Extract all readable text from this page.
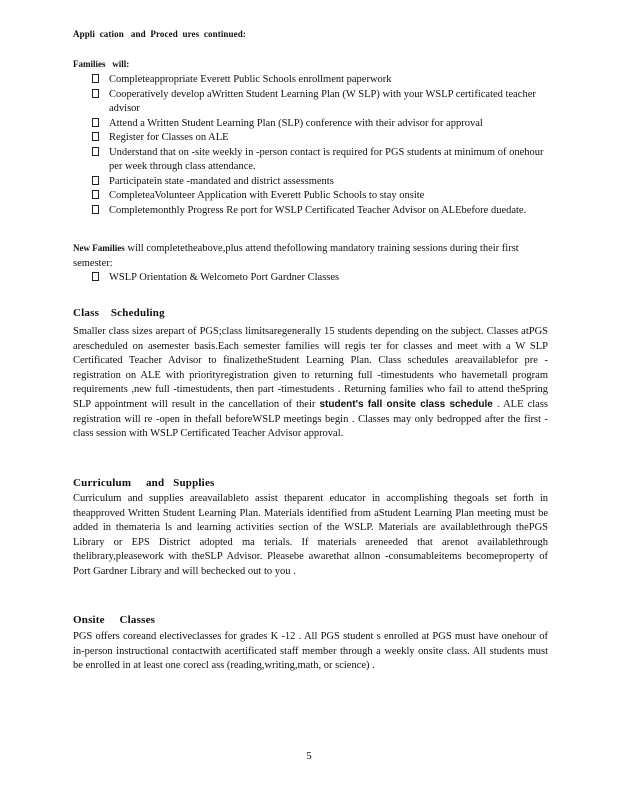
Appli  cation   and  Proced  ures  continued:
Families   will:
Completeappropriate Everett Public Schools enrollment paperwork
Cooperatively develop aWritten Student Learning Plan (W SLP) with your WSLP certificated teacher advisor
Attend a Written Student Learning Plan (SLP) conference with their advisor for approval
Register for Classes on ALE
Understand that on -site weekly in -person contact is required for PGS students at minimum of onehour per week through class attendance.
Participatein state -mandated and district assessments
CompleteaVolunteer Application with Everett Public Schools to stay onsite
Completemonthly Progress Re port for WSLP Certificated Teacher Advisor on ALEbefore duedate.
New Families will completetheabove,plus attend thefollowing mandatory training sessions during their first semester:
WSLP Orientation & Welcometo Port Gardner Classes
Class    Scheduling
Smaller class sizes arepart of PGS;class limitsaregenerally 15 students depending on the subject. Classes atPGS arescheduled on asemester basis.Each semester families will regis ter for classes and meet with a W SLP Certificated Teacher Advisor to finalizetheStudent Learning Plan. Class schedules areavailablefor pre -registration on ALE with priorityregistration given to returning full -timestudents who havemetall program requirements ,new full -timestudents, then part -timestudents . Returning families who fail to attend theSpring SLP appointment will result in the cancellation of their student's fall onsite class schedule . ALE class registration will re -open in thefall beforeWSLP meetings begin . Classes may only bedropped after the first -class session with WSLP Certificated Teacher Advisor approval.
Curriculum     and   Supplies
Curriculum and supplies areavailableto assist theparent educator in accomplishing thegoals set forth in theapproved Written Student Learning Plan. Materials identified from aStudent Learning Plan meeting must be added in themateria ls and learning activities section of the WSLP. Materials are availablethrough thePGS Library or EPS District adopted ma terials. If materials areneeded that arenot availablethrough thelibrary,pleasework with theSLP Advisor. Pleasebe awarethat allnon -consumableitems becomeproperty of Port Gardner Library and will bechecked out to you .
Onsite     Classes
PGS offers coreand electiveclasses for grades K -12 . All PGS student s enrolled at PGS must have onehour of in-person instructional contactwith acertificated staff member through a weekly onsite class. All students must be enrolled in at least one corecl ass (reading,writing,math, or science) .
5
